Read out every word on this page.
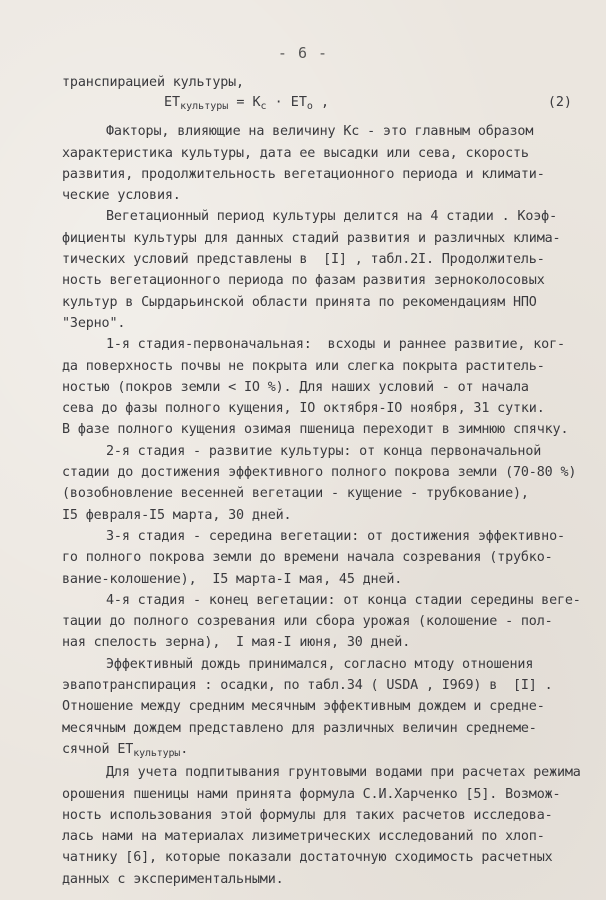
- 6 -
транспирацией культуры,
$ET_{культуры} = K_c \cdot ET_o$ ,	(2)
Факторы, влияющие на величину Kc - это главным образом
характеристика культуры, дата ее высадки или сева, скорость
развития, продолжительность вегетационного периода и климати-
ческие условия.
Вегетационный период культуры делится на 4 стадии . Коэф-
фициенты культуры для данных стадий развития и различных клима-
тических условий представлены в  [I] , табл.2I. Продолжитель-
ность вегетационного периода по фазам развития зерноколосовых
культур в Сырдарьинской области принята по рекомендациям НПО
"Зерно".
1-я стадия-первоначальная:  всходы и раннее развитие, ког-
да поверхность почвы не покрыта или слегка покрыта раститель-
ностью (покров земли < IO %). Для наших условий - от начала
сева до фазы полного кущения, IO октября-IO ноября, 31 сутки.
В фазе полного кущения озимая пшеница переходит в зимнюю спячку.
2-я стадия - развитие культуры: от конца первоначальной
стадии до достижения эффективного полного покрова земли (70-80 %)
(возобновление весенней вегетации - кущение - трубкование),
I5 февраля-I5 марта, 30 дней.
3-я стадия - середина вегетации: от достижения эффективно-
го полного покрова земли до времени начала созревания (трубко-
вание-колошение),  I5 марта-I мая, 45 дней.
4-я стадия - конец вегетации: от конца стадии середины веге-
тации до полного созревания или сбора урожая (колошение - пол-
ная спелость зерна),  I мая-I июня, 30 дней.
Эффективный дождь принимался, согласно мтоду отношения
эвапотранспирация : осадки, по табл.34 ( USDA , I969) в  [I] .
Отношение между средним месячным эффективным дождем и средне-
месячным дождем представлено для различных величин среднеме-
сячной $ET_{культуры}$.
Для учета подпитывания грунтовыми водами при расчетах режима
орошения пшеницы нами принята формула С.И.Харченко [5]. Возмож-
ность использования этой формулы для таких расчетов исследова-
лась нами на материалах лизиметрических исследований по хлоп-
чатнику [6], которые показали достаточную сходимость расчетных
данных с экспериментальными.
